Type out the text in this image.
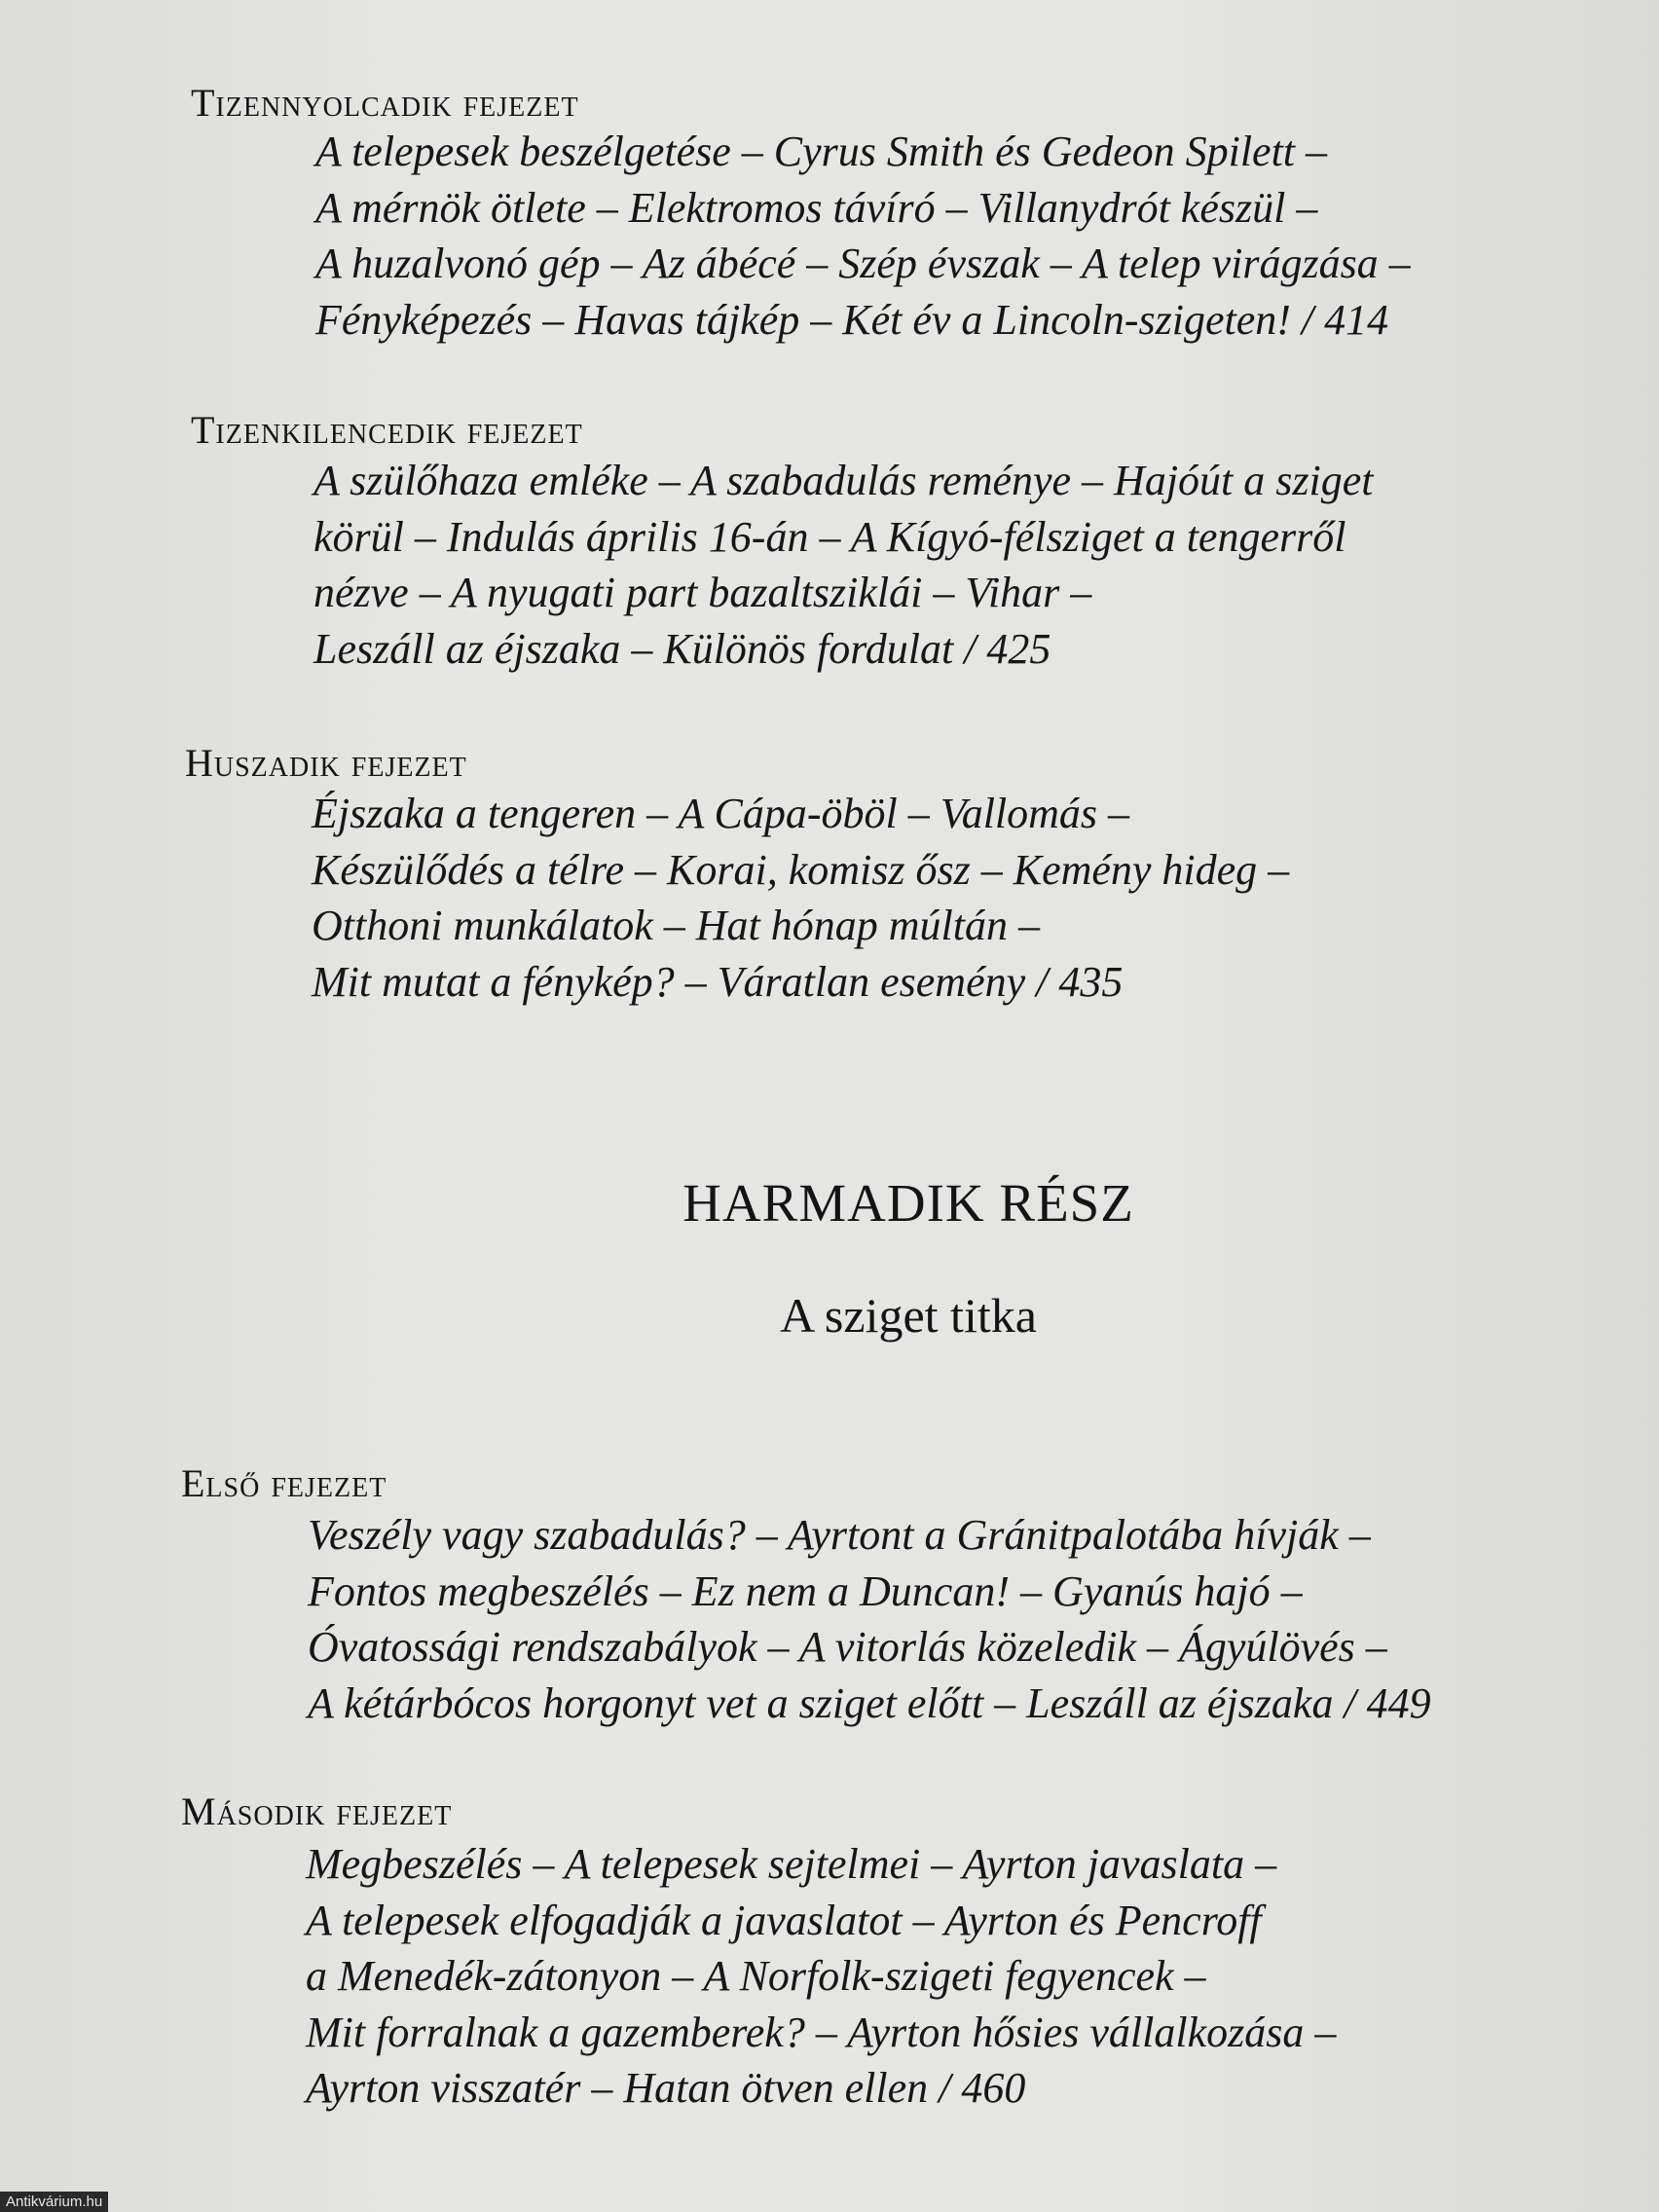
Tizennyolcadik fejezet
A telepesek beszélgetése – Cyrus Smith és Gedeon Spilett –
A mérnök ötlete – Elektromos távíró – Villanydrót készül –
A huzalvonó gép – Az ábécé – Szép évszak – A telep virágzása –
Fényképezés – Havas tájkép – Két év a Lincoln-szigeten! / 414
Tizenkilencedik fejezet
A szülőhaza emléke – A szabadulás reménye – Hajóút a sziget
körül – Indulás április 16-án – A Kígyó-félsziget a tengerről
nézve – A nyugati part bazaltsziklái – Vihar –
Leszáll az éjszaka – Különös fordulat / 425
Huszadik fejezet
Éjszaka a tengeren – A Cápa-öböl – Vallomás –
Készülődés a télre – Korai, komisz ősz – Kemény hideg –
Otthoni munkálatok – Hat hónap múltán –
Mit mutat a fénykép? – Váratlan esemény / 435
HARMADIK RÉSZ
A sziget titka
Első fejezet
Veszély vagy szabadulás? – Ayrtont a Gránitpalotába hívják –
Fontos megbeszélés – Ez nem a Duncan! – Gyanús hajó –
Óvatossági rendszabályok – A vitorlás közeledik – Ágyúlövés –
A kétárbócos horgonyt vet a sziget előtt – Leszáll az éjszaka / 449
Második fejezet
Megbeszélés – A telepesek sejtelmei – Ayrton javaslata –
A telepesek elfogadják a javaslatot – Ayrton és Pencroff
a Menedék-zátonyon – A Norfolk-szigeti fegyencek –
Mit forralnak a gazemberek? – Ayrton hősies vállalkozása –
Ayrton visszatér – Hatan ötven ellen / 460
Antikvárium.hu
